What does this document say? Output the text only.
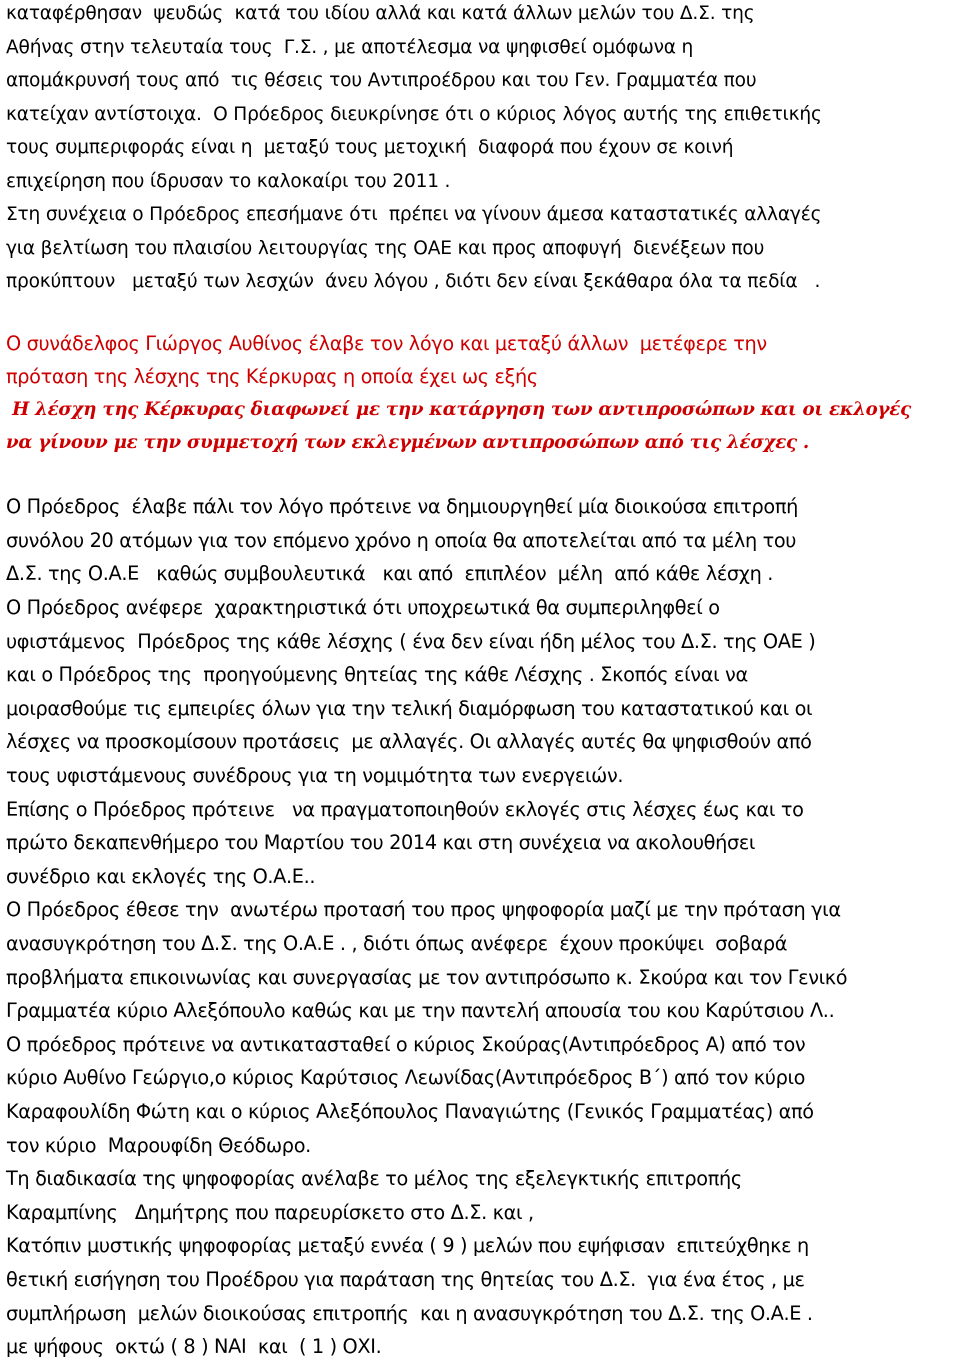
καταφέρθησαν  ψευδώς  κατά του ιδίου αλλά και κατά άλλων μελών του Δ.Σ. της
Αθήνας στην τελευταία τους  Γ.Σ. , με αποτέλεσμα να ψηφισθεί ομόφωνα η
απομάκρυνσή τους από  τις θέσεις του Αντιπροέδρου και του Γεν. Γραμματέα που
κατείχαν αντίστοιχα.  Ο Πρόεδρος διευκρίνησε ότι ο κύριος λόγος αυτής της επιθετικής
τους συμπεριφοράς είναι η  μεταξύ τους μετοχική  διαφορά που έχουν σε κοινή
επιχείρηση που ίδρυσαν το καλοκαίρι του 2011 .
Στη συνέχεια ο Πρόεδρος επεσήμανε ότι  πρέπει να γίνουν άμεσα καταστατικές αλλαγές
για βελτίωση του πλαισίου λειτουργίας της ΟΑΕ και προς αποφυγή  διενέξεων που
προκύπτουν   μεταξύ των λεσχών  άνευ λόγου , διότι δεν είναι ξεκάθαρα όλα τα πεδία   .
Ο συνάδελφος Γιώργος Αυθίνος έλαβε τον λόγο και μεταξύ άλλων  μετέφερε την
πρόταση της λέσχης της Κέρκυρας η οποία έχει ως εξής
Η λέσχη της Κέρκυρας διαφωνεί με την κατάργηση των αντιπροσώπων και οι εκλογές
να γίνουν με την συμμετοχή των εκλεγμένων αντιπροσώπων από τις λέσχες .
Ο Πρόεδρος  έλαβε πάλι τον λόγο πρότεινε να δημιουργηθεί μία διοικούσα επιτροπή
συνόλου 20 ατόμων για τον επόμενο χρόνο η οποία θα αποτελείται από τα μέλη του
Δ.Σ. της Ο.Α.Ε   καθώς συμβουλευτικά   και από  επιπλέον  μέλη  από κάθε λέσχη .
Ο Πρόεδρος ανέφερε  χαρακτηριστικά ότι υποχρεωτικά θα συμπεριληφθεί ο
υφιστάμενος  Πρόεδρος της κάθε λέσχης ( ένα δεν είναι ήδη μέλος του Δ.Σ. της ΟΑΕ )
και ο Πρόεδρος της  προηγούμενης θητείας της κάθε Λέσχης . Σκοπός είναι να
μοιρασθούμε τις εμπειρίες όλων για την τελική διαμόρφωση του καταστατικού και οι
λέσχες να προσκομίσουν προτάσεις  με αλλαγές. Οι αλλαγές αυτές θα ψηφισθούν από
τους υφιστάμενους συνέδρους για τη νομιμότητα των ενεργειών.
Επίσης ο Πρόεδρος πρότεινε   να πραγματοποιηθούν εκλογές στις λέσχες έως και το
πρώτο δεκαπενθήμερο του Μαρτίου του 2014 και στη συνέχεια να ακολουθήσει
συνέδριο και εκλογές της Ο.Α.Ε..
Ο Πρόεδρος έθεσε την  ανωτέρω προτασή του προς ψηφοφορία μαζί με την πρόταση για
ανασυγκρότηση του Δ.Σ. της Ο.Α.Ε . , διότι όπως ανέφερε  έχουν προκύψει  σοβαρά
προβλήματα επικοινωνίας και συνεργασίας με τον αντιπρόσωπο κ. Σκούρα και τον Γενικό
Γραμματέα κύριο Αλεξόπουλο καθώς και με την παντελή απουσία του κου Καρύτσιου Λ..
Ο πρόεδρος πρότεινε να αντικατασταθεί ο κύριος Σκούρας(Αντιπρόεδρος Α) από τον
κύριο Αυθίνο Γεώργιο,ο κύριος Καρύτσιος Λεωνίδας(Αντιπρόεδρος Β΄) από τον κύριο
Καραφουλίδη Φώτη και ο κύριος Αλεξόπουλος Παναγιώτης (Γενικός Γραμματέας) από
τον κύριο  Μαρουφίδη Θεόδωρο.
Τη διαδικασία της ψηφοφορίας ανέλαβε το μέλος της εξελεγκτικής επιτροπής
Καραμπίνης   Δημήτρης που παρευρίσκετο στο Δ.Σ. και ,
Κατόπιν μυστικής ψηφοφορίας μεταξύ εννέα ( 9 ) μελών που εψήφισαν  επιτεύχθηκε η
θετική εισήγηση του Προέδρου για παράταση της θητείας του Δ.Σ.  για ένα έτος , με
συμπλήρωση  μελών διοικούσας επιτροπής  και η ανασυγκρότηση του Δ.Σ. της Ο.Α.Ε .
με ψήφους  οκτώ ( 8 ) ΝΑΙ  και  ( 1 ) ΟΧΙ.
